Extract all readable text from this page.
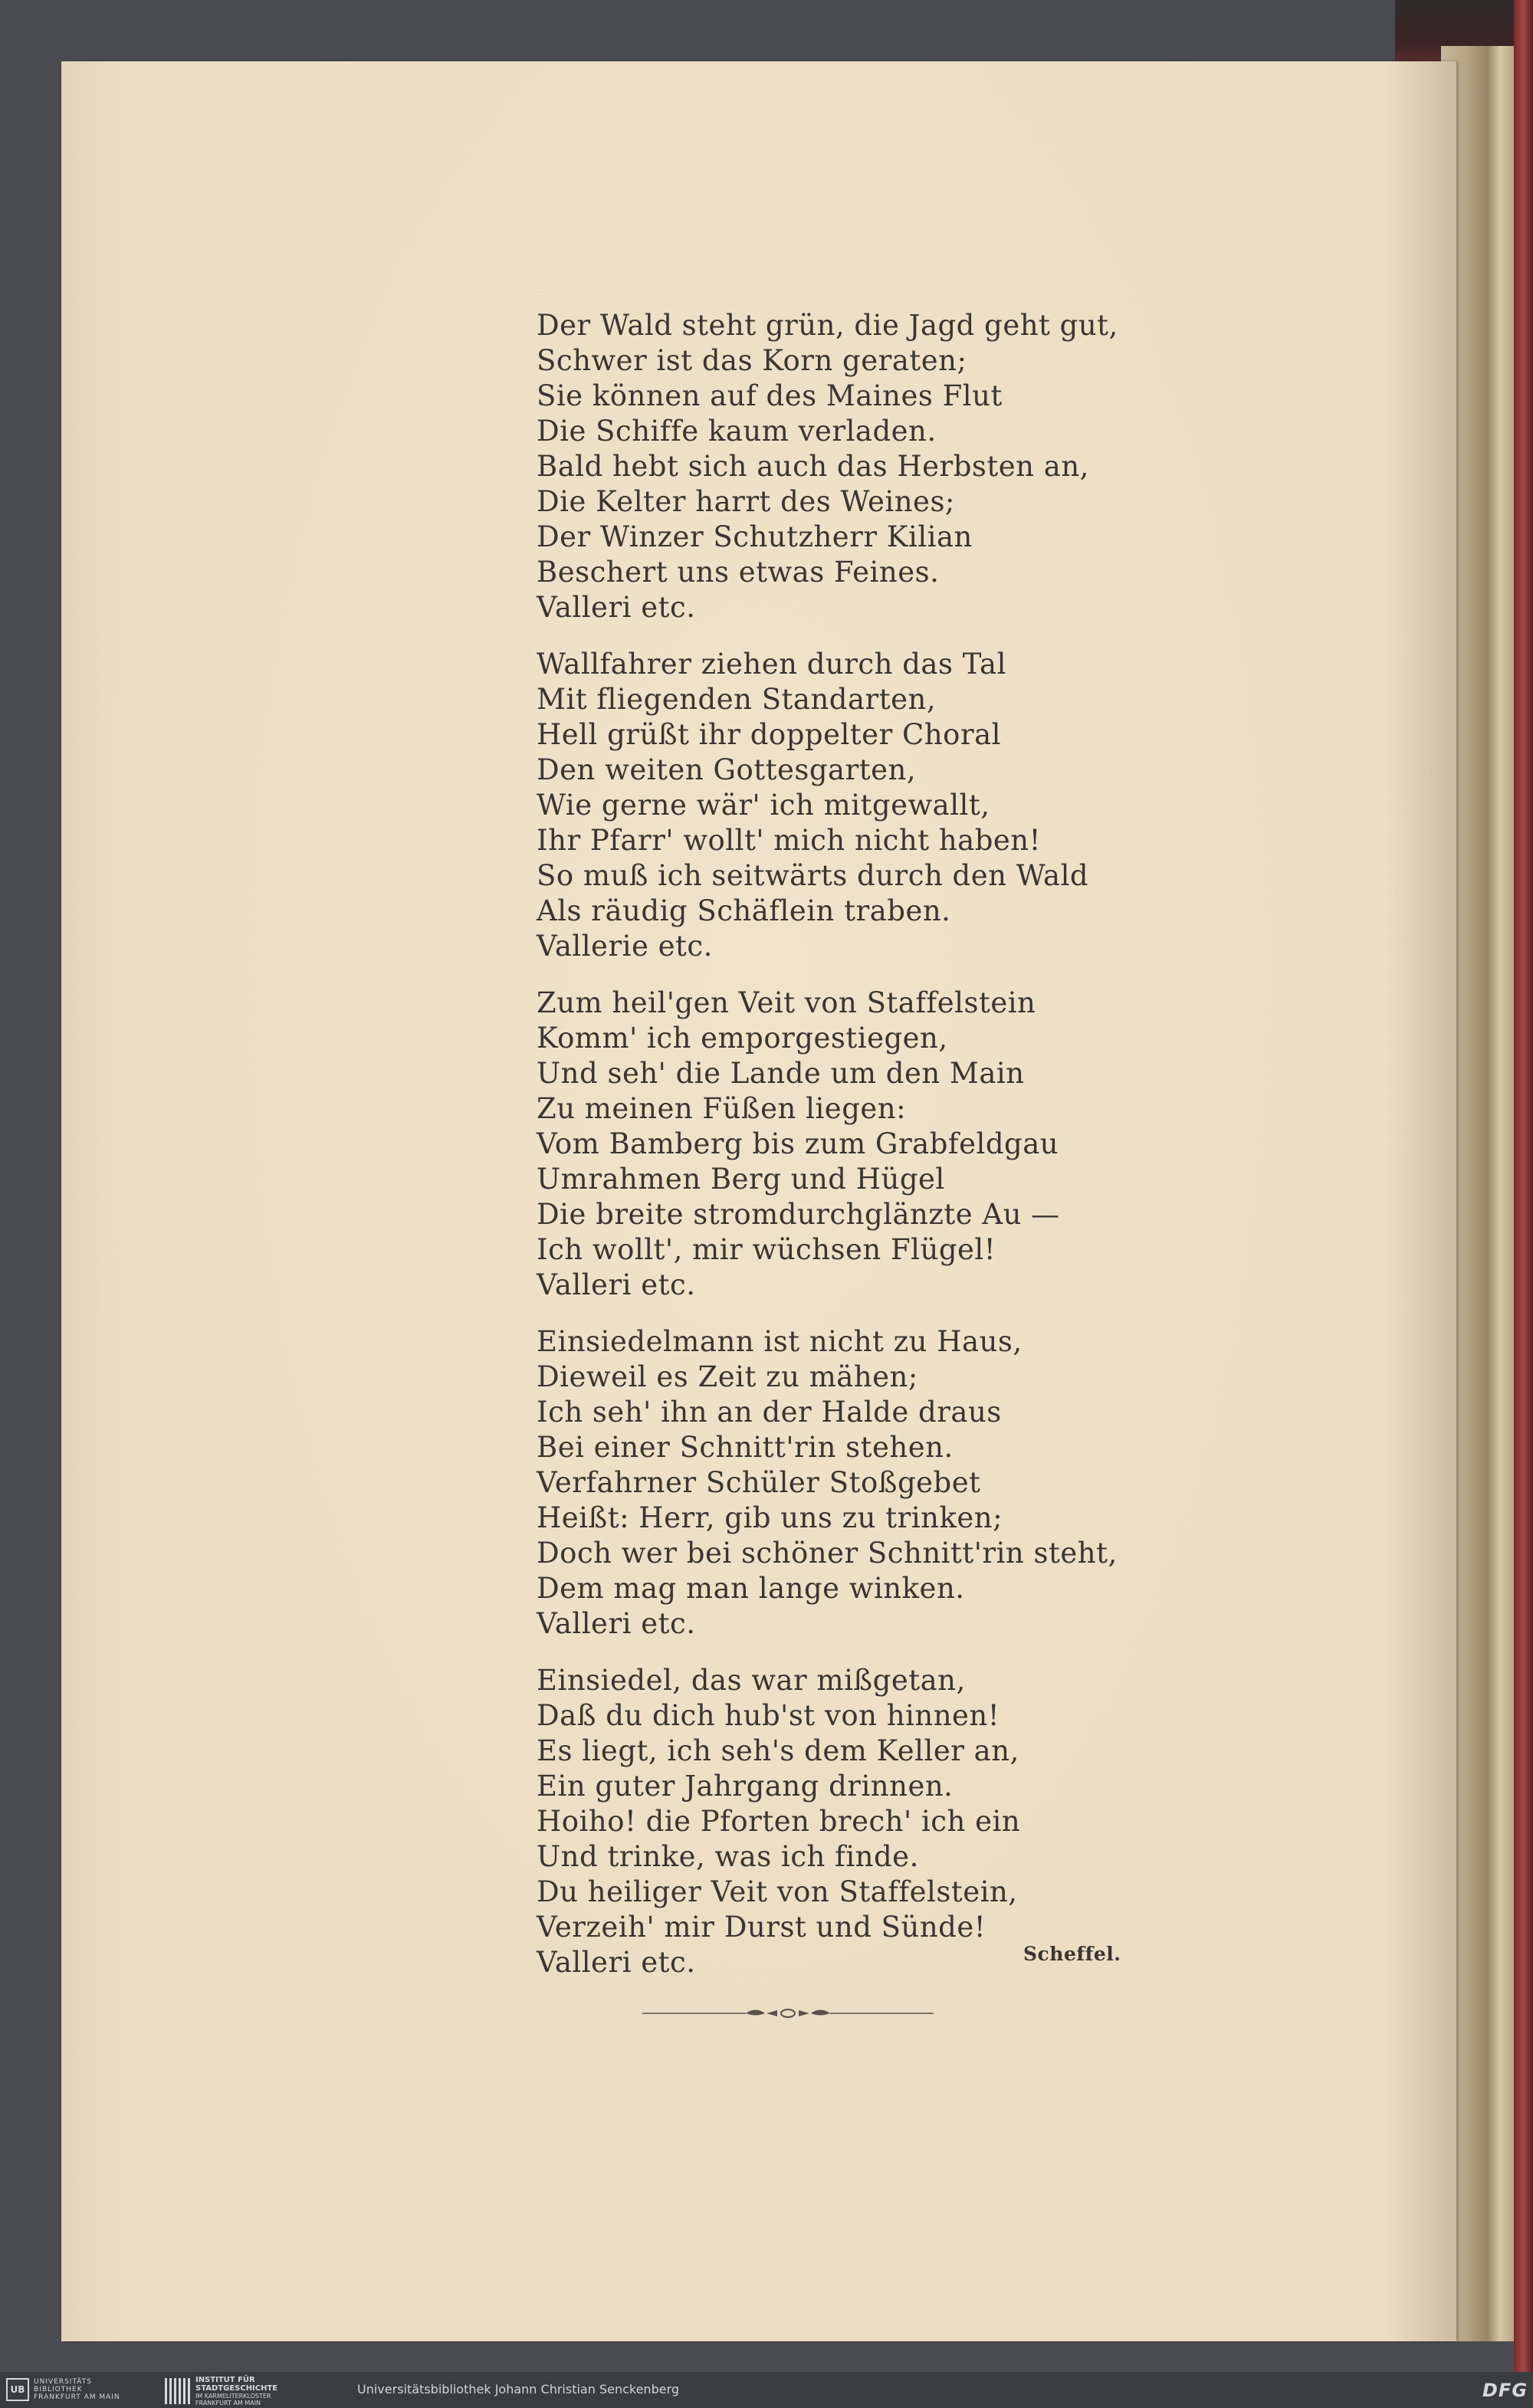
Der Wald steht grün, die Jagd geht gut,
Schwer ist das Korn geraten;
Sie können auf des Maines Flut
Die Schiffe kaum verladen.
Bald hebt sich auch das Herbsten an,
Die Kelter harrt des Weines;
Der Winzer Schutzherr Kilian
Beschert uns etwas Feines.
Valleri etc.
Wallfahrer ziehen durch das Tal
Mit fliegenden Standarten,
Hell grüßt ihr doppelter Choral
Den weiten Gottesgarten,
Wie gerne wär' ich mitgewallt,
Ihr Pfarr' wollt' mich nicht haben!
So muß ich seitwärts durch den Wald
Als räudig Schäflein traben.
Vallerie etc.
Zum heil'gen Veit von Staffelstein
Komm' ich emporgestiegen,
Und seh' die Lande um den Main
Zu meinen Füßen liegen:
Vom Bamberg bis zum Grabfeldgau
Umrahmen Berg und Hügel
Die breite stromdurchglänzte Au —
Ich wollt', mir wüchsen Flügel!
Valleri etc.
Einsiedelmann ist nicht zu Haus,
Dieweil es Zeit zu mähen;
Ich seh' ihn an der Halde draus
Bei einer Schnitt'rin stehen.
Verfahrner Schüler Stoßgebet
Heißt: Herr, gib uns zu trinken;
Doch wer bei schöner Schnitt'rin steht,
Dem mag man lange winken.
Valleri etc.
Einsiedel, das war mißgetan,
Daß du dich hub'st von hinnen!
Es liegt, ich seh's dem Keller an,
Ein guter Jahrgang drinnen.
Hoiho! die Pforten brech' ich ein
Und trinke, was ich finde.
Du heiliger Veit von Staffelstein,
Verzeih' mir Durst und Sünde!
Valleri etc.	Scheffel.
UB
UNIVERSITÄTS
BIBLIOTHEK
FRANKFURT AM MAIN
INSTITUT FÜR
STADTGESCHICHTE
IM KARMELITERKLOSTER
FRANKFURT AM MAIN
Universitätsbibliothek Johann Christian Senckenberg	DFG
